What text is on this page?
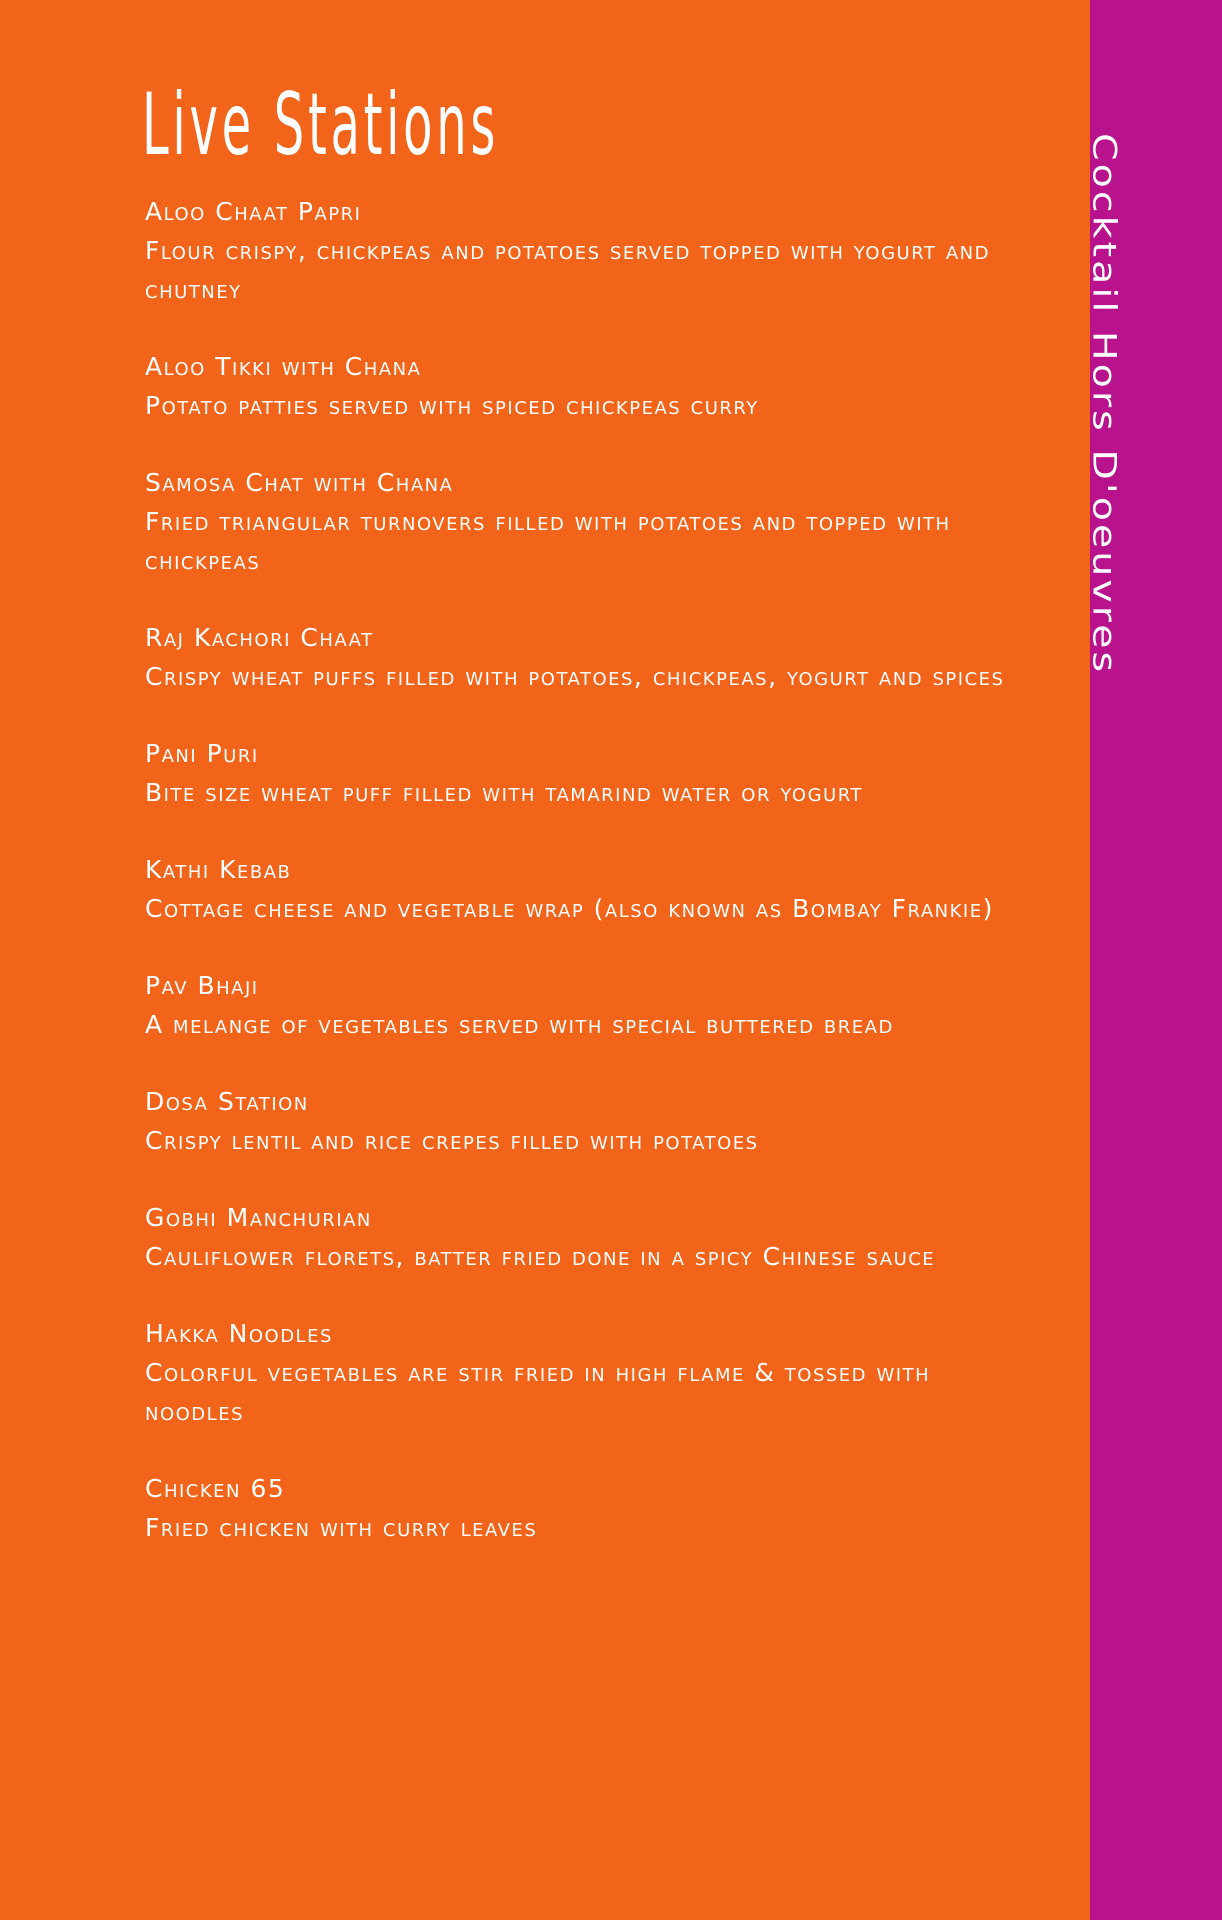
Cocktail Hors D'oeuvres
Live Stations
Aloo Chaat Papri
Flour crispy, chickpeas and potatoes served topped with yogurt and chutney
Aloo Tikki with Chana
Potato patties served with spiced chickpeas curry
Samosa Chat with Chana
Fried triangular turnovers filled with potatoes and topped with chickpeas
Raj Kachori Chaat
Crispy wheat puffs filled with potatoes, chickpeas, yogurt and spices
Pani Puri
Bite size wheat puff filled with tamarind water or yogurt
Kathi Kebab
Cottage cheese and vegetable wrap (also known as Bombay Frankie)
Pav Bhaji
A melange of vegetables served with special buttered bread
Dosa Station
Crispy lentil and rice crepes filled with potatoes
Gobhi Manchurian
Cauliflower florets, batter fried done in a spicy Chinese sauce
Hakka Noodles
Colorful vegetables are stir fried in high flame & tossed with noodles
Chicken 65
Fried chicken with curry leaves
